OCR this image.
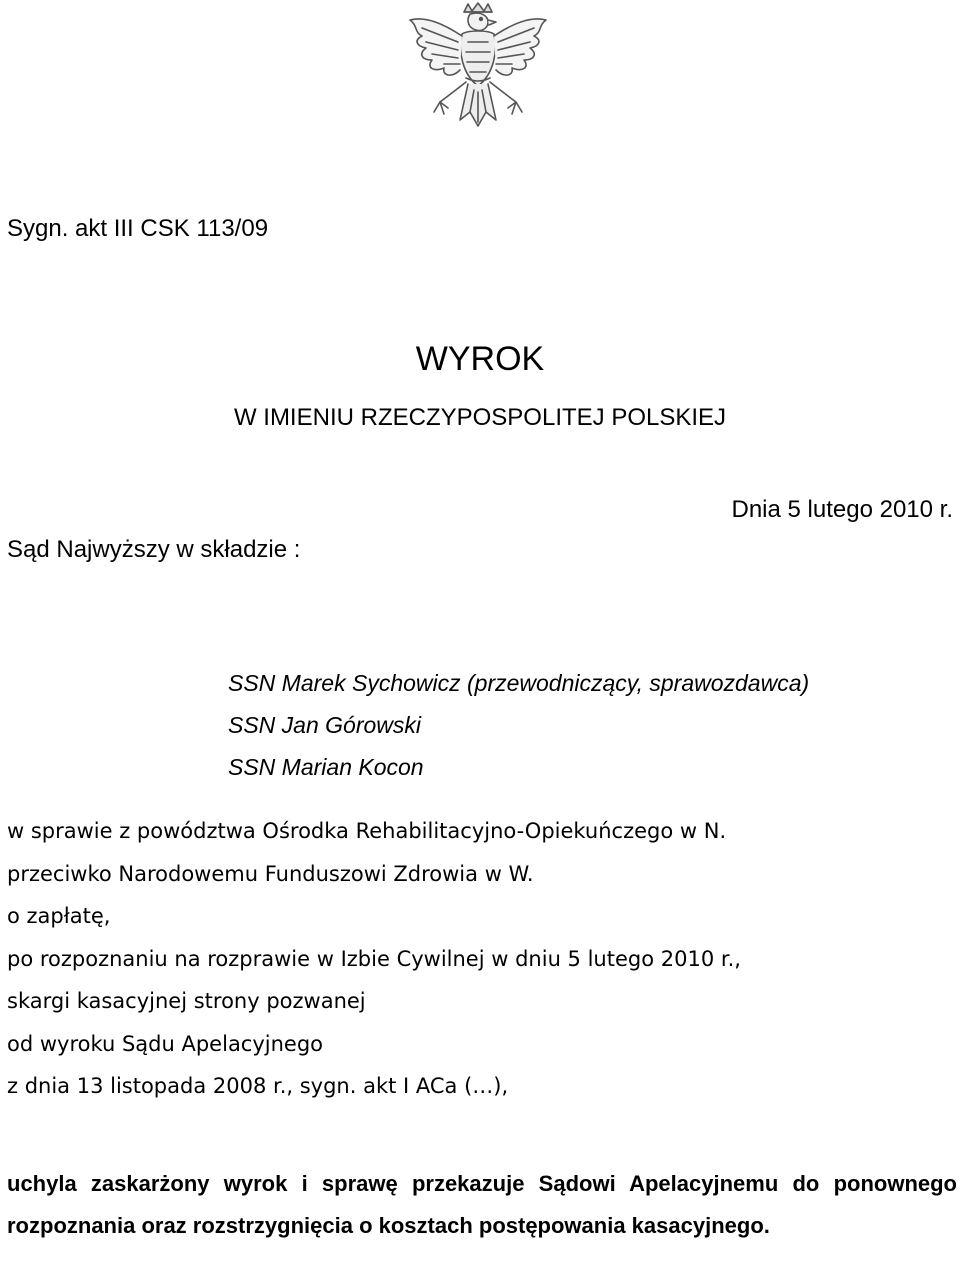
Sygn. akt III CSK 113/09
WYROK
W IMIENIU RZECZYPOSPOLITEJ POLSKIEJ
Dnia 5 lutego 2010 r.
Sąd Najwyższy w składzie :
SSN Marek Sychowicz (przewodniczący, sprawozdawca)
SSN Jan Górowski
SSN Marian Kocon
w sprawie z powództwa Ośrodka Rehabilitacyjno-Opiekuńczego w N.
przeciwko Narodowemu Funduszowi Zdrowia w W.
o zapłatę,
po rozpoznaniu na rozprawie w Izbie Cywilnej w dniu 5 lutego 2010 r.,
skargi kasacyjnej strony pozwanej
od wyroku Sądu Apelacyjnego
z dnia 13 listopada 2008 r., sygn. akt I ACa (…),
uchyla zaskarżony wyrok i sprawę przekazuje Sądowi Apelacyjnemu do ponownego rozpoznania oraz rozstrzygnięcia o kosztach postępowania kasacyjnego.
